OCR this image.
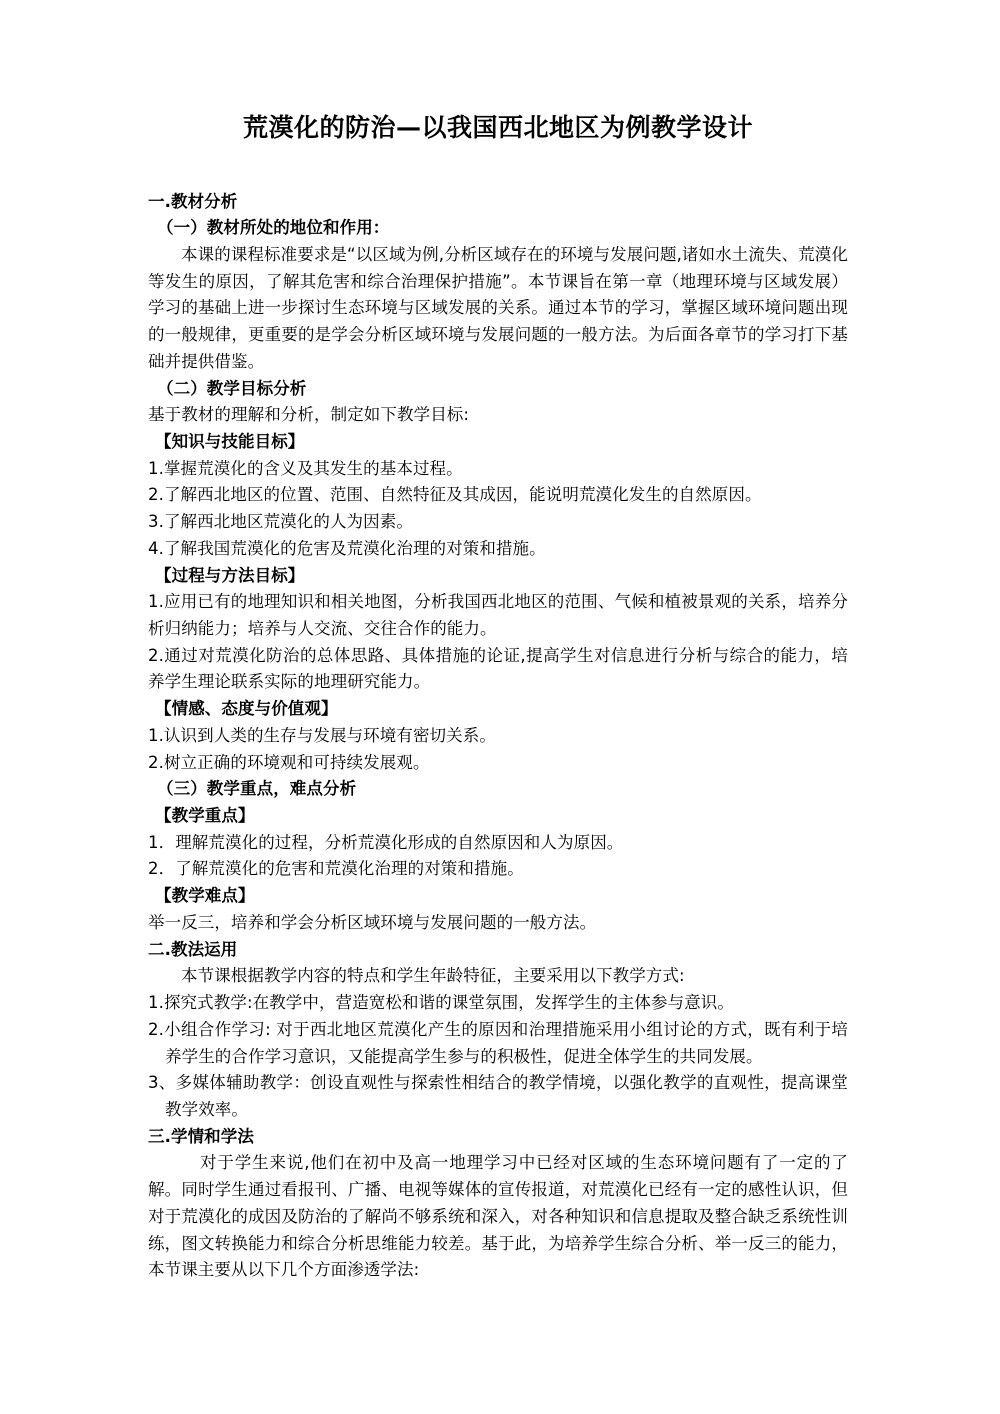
荒漠化的防治—以我国西北地区为例教学设计

一.教材分析

（一）教材所处的地位和作用：

本课的课程标准要求是“以区域为例,分析区域存在的环境与发展问题,诸如水土流失、荒漠化等发生的原因，了解其危害和综合治理保护措施”。本节课旨在第一章（地理环境与区域发展）学习的基础上进一步探讨生态环境与区域发展的关系。通过本节的学习，掌握区域环境问题出现的一般规律，更重要的是学会分析区域环境与发展问题的一般方法。为后面各章节的学习打下基础并提供借鉴。

（二）教学目标分析

基于教材的理解和分析，制定如下教学目标:

【知识与技能目标】

1.掌握荒漠化的含义及其发生的基本过程。

2.了解西北地区的位置、范围、自然特征及其成因，能说明荒漠化发生的自然原因。

3.了解西北地区荒漠化的人为因素。

4.了解我国荒漠化的危害及荒漠化治理的对策和措施。

【过程与方法目标】

1.应用已有的地理知识和相关地图，分析我国西北地区的范围、气候和植被景观的关系，培养分析归纳能力；培养与人交流、交往合作的能力。

2.通过对荒漠化防治的总体思路、具体措施的论证,提高学生对信息进行分析与综合的能力，培养学生理论联系实际的地理研究能力。

【情感、态度与价值观】

1.认识到人类的生存与发展与环境有密切关系。

2.树立正确的环境观和可持续发展观。

（三）教学重点，难点分析

【教学重点】

1．理解荒漠化的过程，分析荒漠化形成的自然原因和人为原因。

2．了解荒漠化的危害和荒漠化治理的对策和措施。

【教学难点】

举一反三，培养和学会分析区域环境与发展问题的一般方法。

二.教法运用

本节课根据教学内容的特点和学生年龄特征，主要采用以下教学方式:

1.探究式教学:在教学中，营造宽松和谐的课堂氛围，发挥学生的主体参与意识。

2.小组合作学习: 对于西北地区荒漠化产生的原因和治理措施采用小组讨论的方式，既有利于培养学生的合作学习意识，又能提高学生参与的积极性，促进全体学生的共同发展。

3、多媒体辅助教学：创设直观性与探索性相结合的教学情境，以强化教学的直观性，提高课堂教学效率。

三.学情和学法

对于学生来说,他们在初中及高一地理学习中已经对区域的生态环境问题有了一定的了解。同时学生通过看报刊、广播、电视等媒体的宣传报道，对荒漠化已经有一定的感性认识，但对于荒漠化的成因及防治的了解尚不够系统和深入，对各种知识和信息提取及整合缺乏系统性训练，图文转换能力和综合分析思维能力较差。基于此，为培养学生综合分析、举一反三的能力，本节课主要从以下几个方面渗透学法:
